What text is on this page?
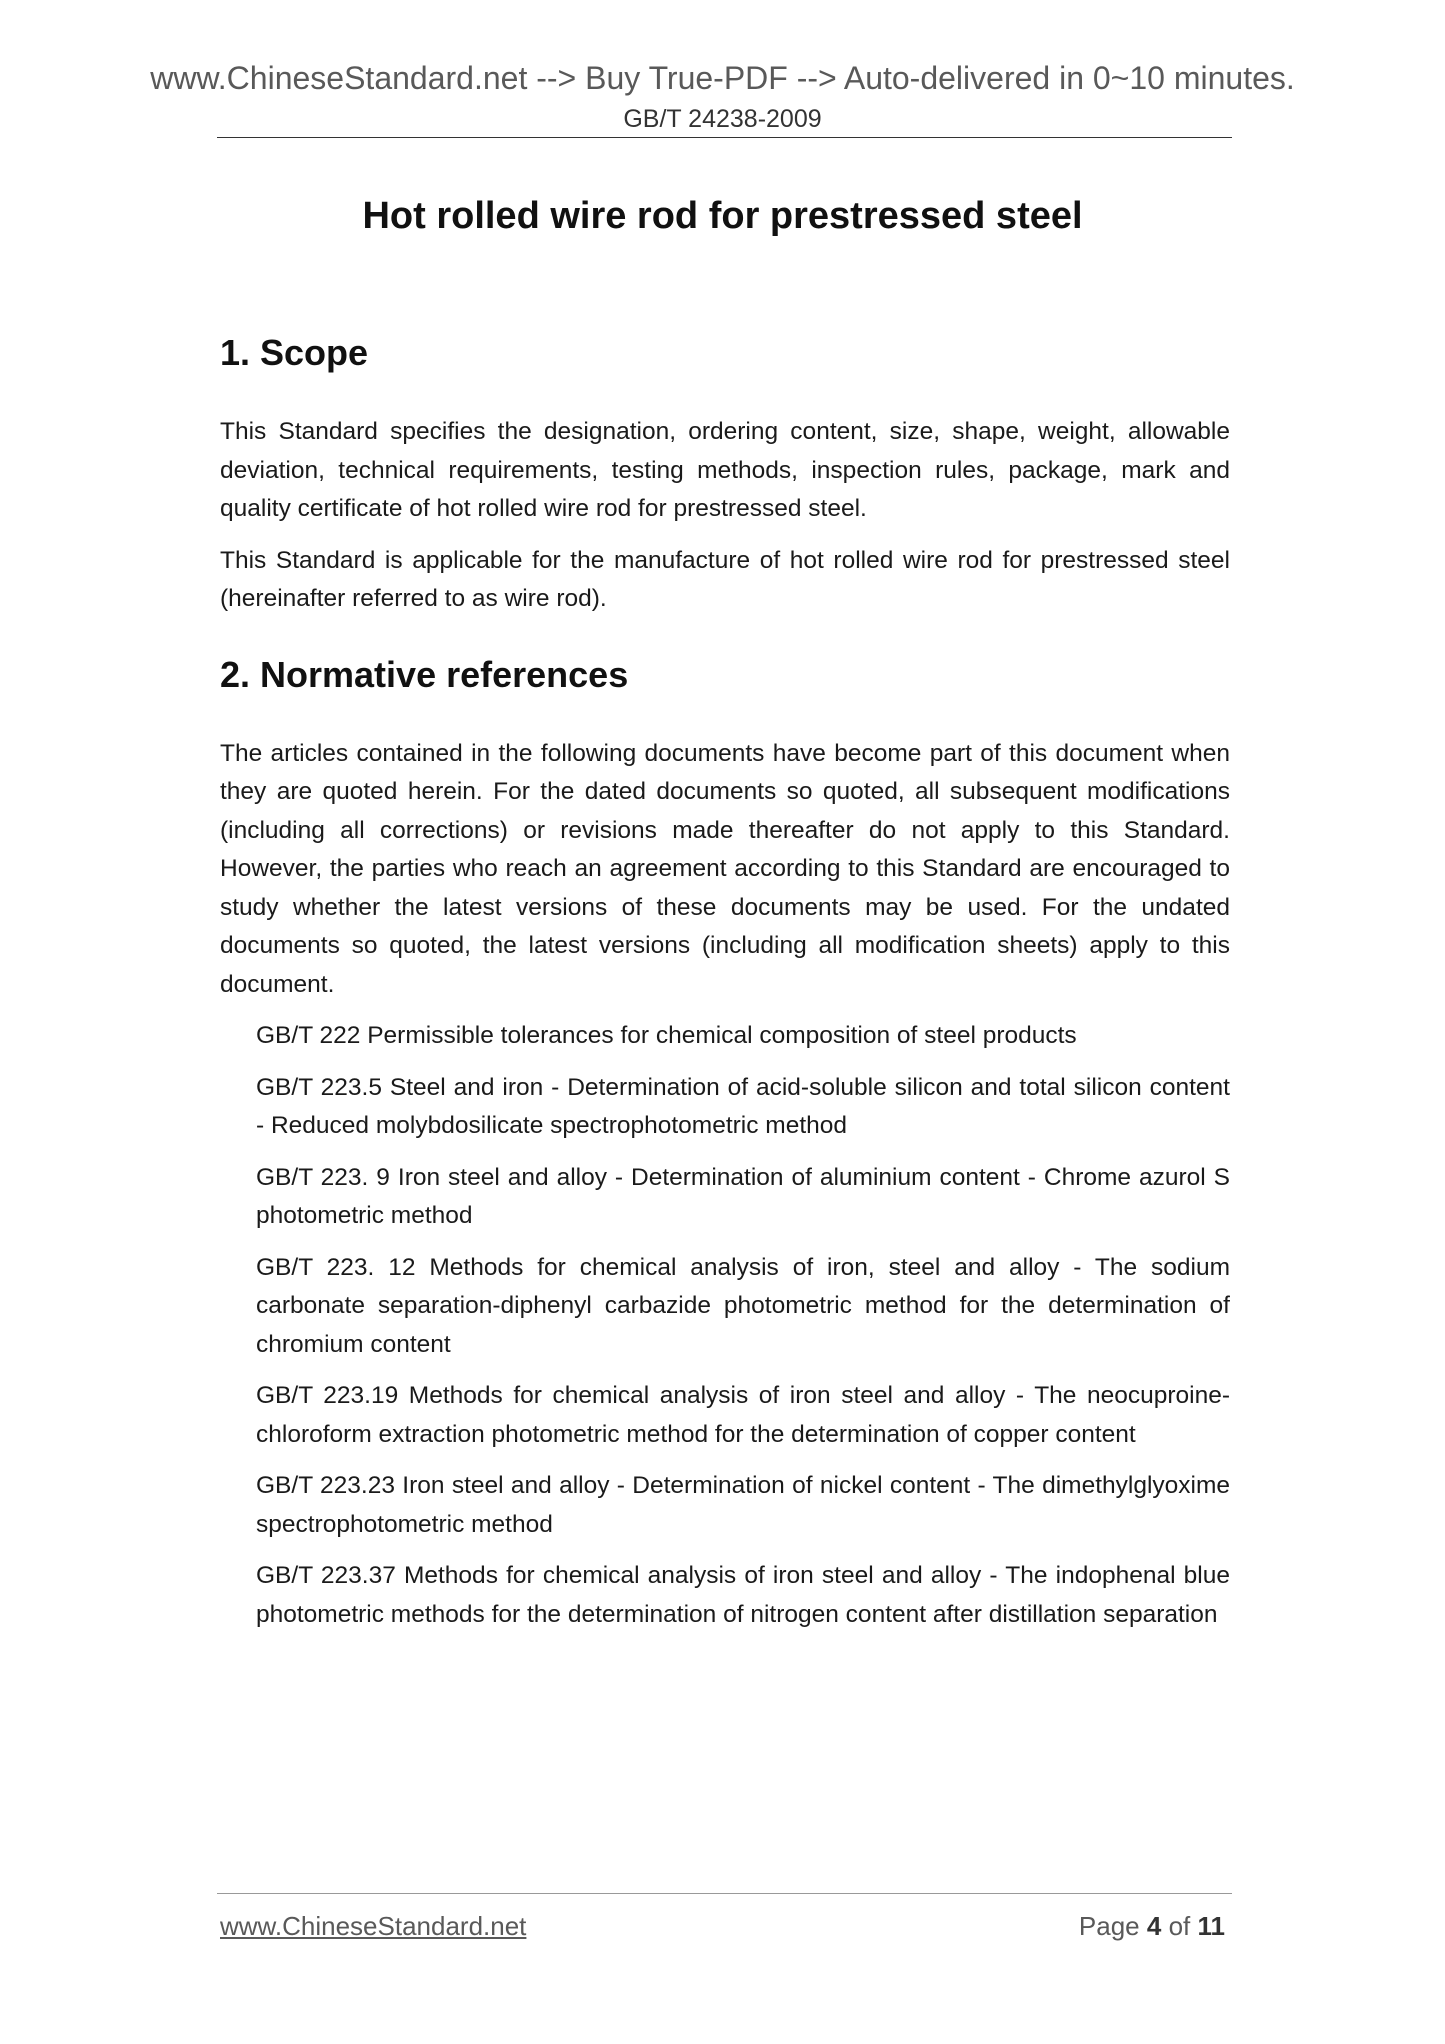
www.ChineseStandard.net --> Buy True-PDF --> Auto-delivered in 0~10 minutes.
GB/T 24238-2009
Hot rolled wire rod for prestressed steel
1. Scope

This Standard specifies the designation, ordering content, size, shape, weight, allowable deviation, technical requirements, testing methods, inspection rules, package, mark and quality certificate of hot rolled wire rod for prestressed steel.

This Standard is applicable for the manufacture of hot rolled wire rod for prestressed steel (hereinafter referred to as wire rod).

2. Normative references

The articles contained in the following documents have become part of this document when they are quoted herein. For the dated documents so quoted, all subsequent modifications (including all corrections) or revisions made thereafter do not apply to this Standard. However, the parties who reach an agreement according to this Standard are encouraged to study whether the latest versions of these documents may be used. For the undated documents so quoted, the latest versions (including all modification sheets) apply to this document.

GB/T 222 Permissible tolerances for chemical composition of steel products

GB/T 223.5 Steel and iron - Determination of acid-soluble silicon and total silicon content - Reduced molybdosilicate spectrophotometric method

GB/T 223. 9 Iron steel and alloy - Determination of aluminium content - Chrome azurol S photometric method

GB/T 223. 12 Methods for chemical analysis of iron, steel and alloy - The sodium carbonate separation-diphenyl carbazide photometric method for the determination of chromium content

GB/T 223.19 Methods for chemical analysis of iron steel and alloy - The neocuproine-chloroform extraction photometric method for the determination of copper content

GB/T 223.23 Iron steel and alloy - Determination of nickel content - The dimethylglyoxime spectrophotometric method

GB/T 223.37 Methods for chemical analysis of iron steel and alloy - The indophenal blue photometric methods for the determination of nitrogen content after distillation separation

www.ChineseStandard.net	Page 4 of 11
